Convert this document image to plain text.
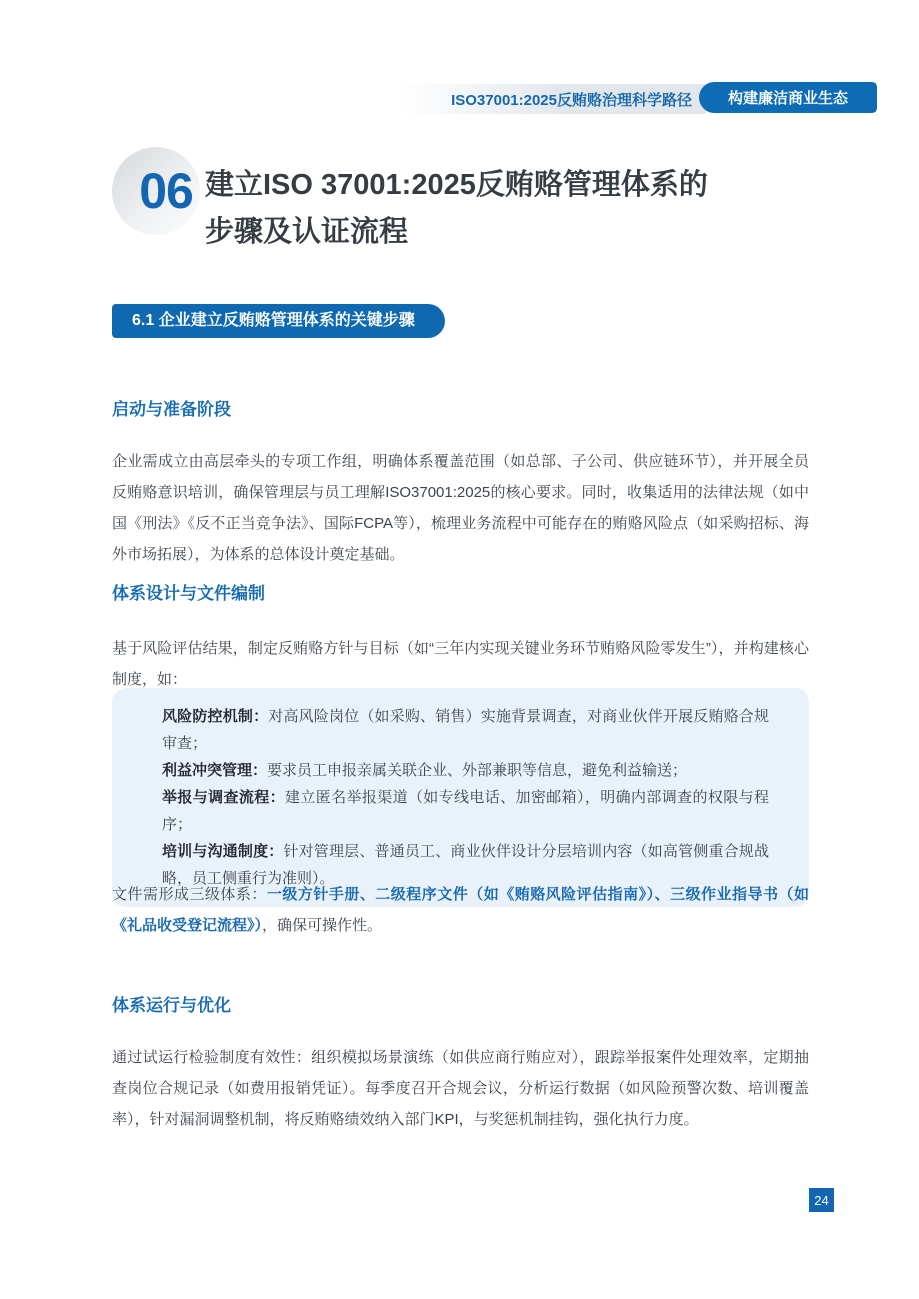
ISO37001:2025反贿赂治理科学路径	构建廉洁商业生态
06 建立ISO 37001:2025反贿赂管理体系的
步骤及认证流程
6.1 企业建立反贿赂管理体系的关键步骤
启动与准备阶段
企业需成立由高层牵头的专项工作组，明确体系覆盖范围（如总部、子公司、供应链环节），并开展全员反贿赂意识培训，确保管理层与员工理解ISO37001:2025的核心要求。同时，收集适用的法律法规（如中国《刑法》《反不正当竞争法》、国际FCPA等），梳理业务流程中可能存在的贿赂风险点（如采购招标、海外市场拓展），为体系的总体设计奠定基础。
体系设计与文件编制
基于风险评估结果，制定反贿赂方针与目标（如“三年内实现关键业务环节贿赂风险零发生”），并构建核心制度，如：
风险防控机制：对高风险岗位（如采购、销售）实施背景调查，对商业伙伴开展反贿赂合规审查；
利益冲突管理：要求员工申报亲属关联企业、外部兼职等信息，避免利益输送；
举报与调查流程：建立匿名举报渠道（如专线电话、加密邮箱），明确内部调查的权限与程序；
培训与沟通制度：针对管理层、普通员工、商业伙伴设计分层培训内容（如高管侧重合规战略，员工侧重行为准则）。
文件需形成三级体系：一级方针手册、二级程序文件（如《贿赂风险评估指南》）、三级作业指导书（如《礼品收受登记流程》），确保可操作性。
体系运行与优化
通过试运行检验制度有效性：组织模拟场景演练（如供应商行贿应对），跟踪举报案件处理效率，定期抽查岗位合规记录（如费用报销凭证）。每季度召开合规会议，分析运行数据（如风险预警次数、培训覆盖率），针对漏洞调整机制，将反贿赂绩效纳入部门KPI，与奖惩机制挂钩，强化执行力度。
24
